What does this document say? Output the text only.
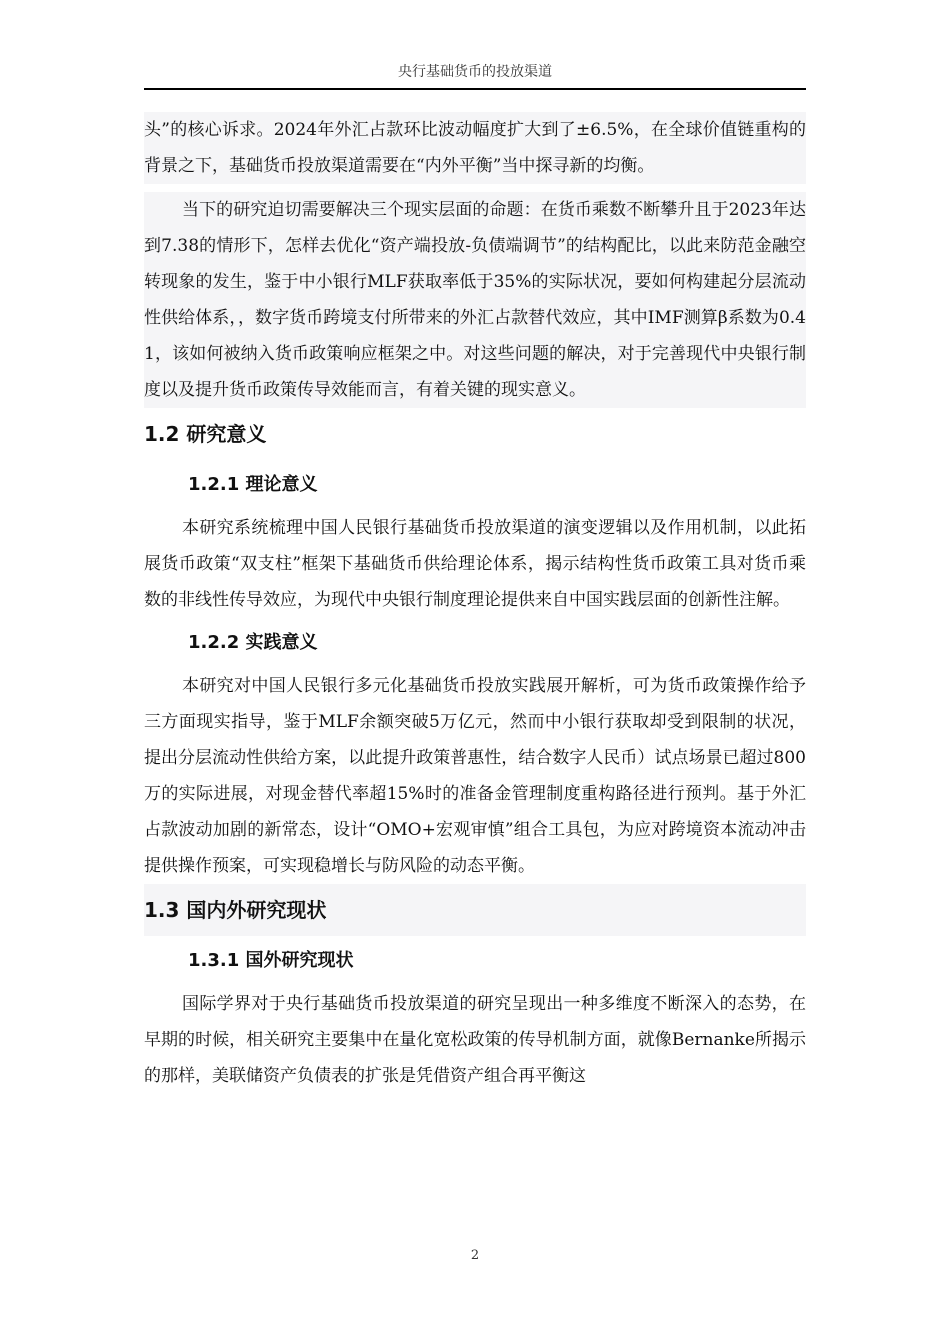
央行基础货币的投放渠道

头”的核心诉求。2024年外汇占款环比波动幅度扩大到了±6.5%，在全球价值链重构的背景之下，基础货币投放渠道需要在“内外平衡”当中探寻新的均衡。

当下的研究迫切需要解决三个现实层面的命题：在货币乘数不断攀升且于2023年达到7.38的情形下，怎样去优化“资产端投放-负债端调节”的结构配比，以此来防范金融空转现象的发生，鉴于中小银行MLF获取率低于35%的实际状况，要如何构建起分层流动性供给体系，，数字货币跨境支付所带来的外汇占款替代效应，其中IMF测算β系数为0.41，该如何被纳入货币政策响应框架之中。对这些问题的解决，对于完善现代中央银行制度以及提升货币政策传导效能而言，有着关键的现实意义。

1.2 研究意义
1.2.1 理论意义

本研究系统梳理中国人民银行基础货币投放渠道的演变逻辑以及作用机制，以此拓展货币政策“双支柱”框架下基础货币供给理论体系，揭示结构性货币政策工具对货币乘数的非线性传导效应，为现代中央银行制度理论提供来自中国实践层面的创新性注解。

1.2.2 实践意义

本研究对中国人民银行多元化基础货币投放实践展开解析，可为货币政策操作给予三方面现实指导，鉴于MLF余额突破5万亿元，然而中小银行获取却受到限制的状况，提出分层流动性供给方案，以此提升政策普惠性，结合数字人民币）试点场景已超过800万的实际进展，对现金替代率超15%时的准备金管理制度重构路径进行预判。基于外汇占款波动加剧的新常态，设计“OMO+宏观审慎”组合工具包，为应对跨境资本流动冲击提供操作预案，可实现稳增长与防风险的动态平衡。

1.3 国内外研究现状
1.3.1 国外研究现状

国际学界对于央行基础货币投放渠道的研究呈现出一种多维度不断深入的态势，在早期的时候，相关研究主要集中在量化宽松政策的传导机制方面，就像Bernanke所揭示的那样，美联储资产负债表的扩张是凭借资产组合再平衡这

2
